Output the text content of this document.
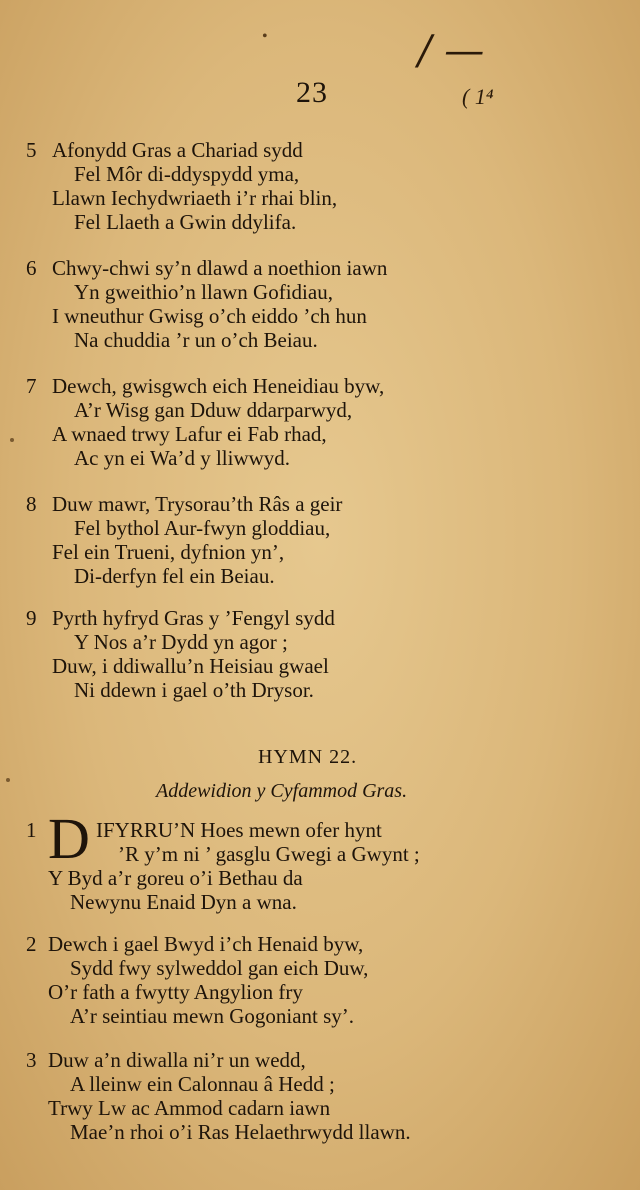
•	/ —
23	( 1⁴
5 Afonydd Gras a Chariad sydd
Fel Môr di-ddyspydd yma,
Llawn Iechydwriaeth i’r rhai blin,
Fel Llaeth a Gwin ddylifa.
6 Chwy-chwi sy’n dlawd a noethion iawn
Yn gweithio’n llawn Gofidiau,
I wneuthur Gwisg o’ch eiddo ’ch hun
Na chuddia ’r un o’ch Beiau.
7 Dewch, gwisgwch eich Heneidiau byw,
A’r Wisg gan Dduw ddarparwyd,
A wnaed trwy Lafur ei Fab rhad,
Ac yn ei Wa’d y lliwwyd.
8 Duw mawr, Trysorau’th Râs a geir
Fel bythol Aur-fwyn gloddiau,
Fel ein Trueni, dyfnion yn’,
Di-derfyn fel ein Beiau.
9 Pyrth hyfryd Gras y ’Fengyl sydd
Y Nos a’r Dydd yn agor ;
Duw, i ddiwallu’n Heisiau gwael
Ni ddewn i gael o’th Drysor.
HYMN 22.
Addewidion y Cyfammod Gras.
1 D IFYRRU’N Hoes mewn ofer hynt
’R y’m ni ’ gasglu Gwegi a Gwynt ;
Y Byd a’r goreu o’i Bethau da
Newynu Enaid Dyn a wna.
2 Dewch i gael Bwyd i’ch Henaid byw,
Sydd fwy sylweddol gan eich Duw,
O’r fath a fwytty Angylion fry
A’r seintiau mewn Gogoniant sy’.
3 Duw a’n diwalla ni’r un wedd,
A lleinw ein Calonnau â Hedd ;
Trwy Lw ac Ammod cadarn iawn
Mae’n rhoi o’i Ras Helaethrwydd llawn.
